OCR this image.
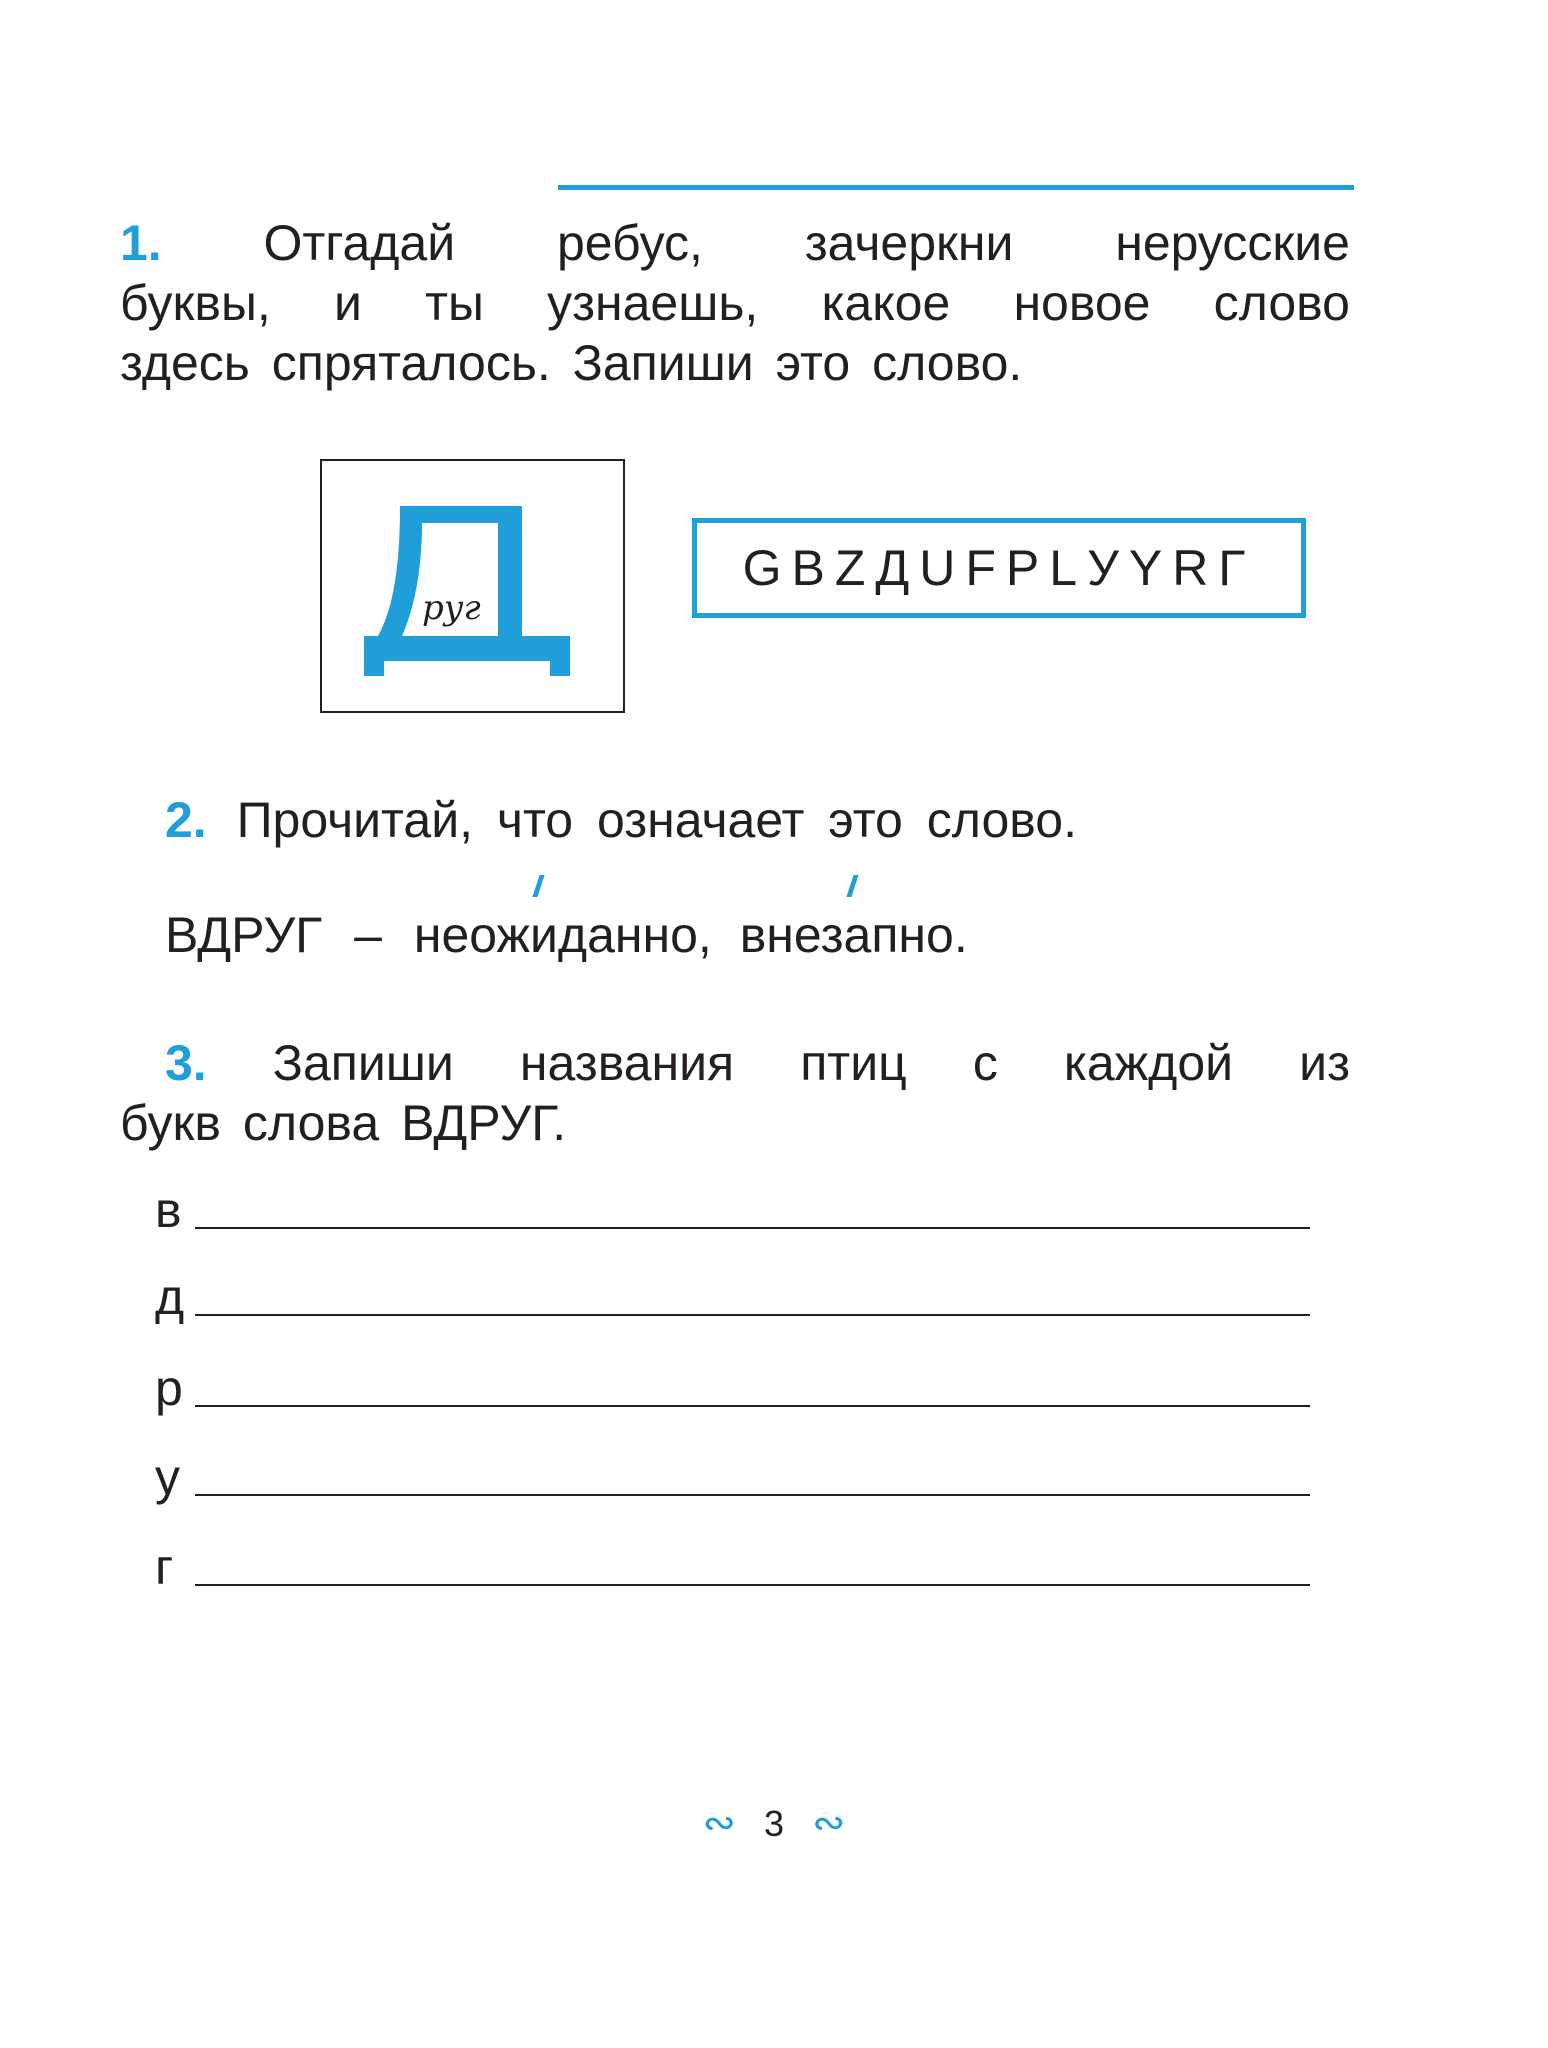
1. Отгадай ребус, зачеркни нерусские
буквы, и ты узнаешь, какое новое слово
здесь спряталось. Запиши это слово.
руг
GBZДUFPLУYRГ
2. Прочитай, что означает это слово.
ВДРУГ – неож
иданно, внез
апно.
3. Запиши названия птиц с каждой из
букв слова ВДРУГ.
в
д
р
у
г
∾ 3 ∾
